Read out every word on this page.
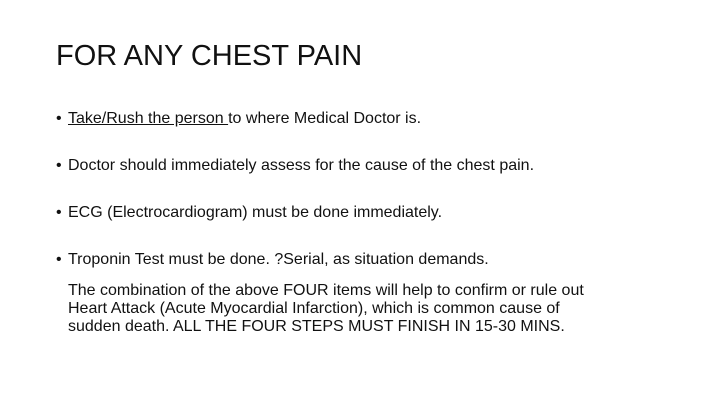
FOR ANY CHEST PAIN
• Take/Rush the person to where Medical Doctor is.
• Doctor should immediately assess for the cause of the chest pain.
• ECG (Electrocardiogram) must be done immediately.
• Troponin Test must be done. ?Serial, as situation demands.
The combination of the above FOUR items will help to confirm or rule out
Heart Attack (Acute Myocardial Infarction), which is common cause of
sudden death. ALL THE FOUR STEPS MUST FINISH IN 15-30 MINS.
